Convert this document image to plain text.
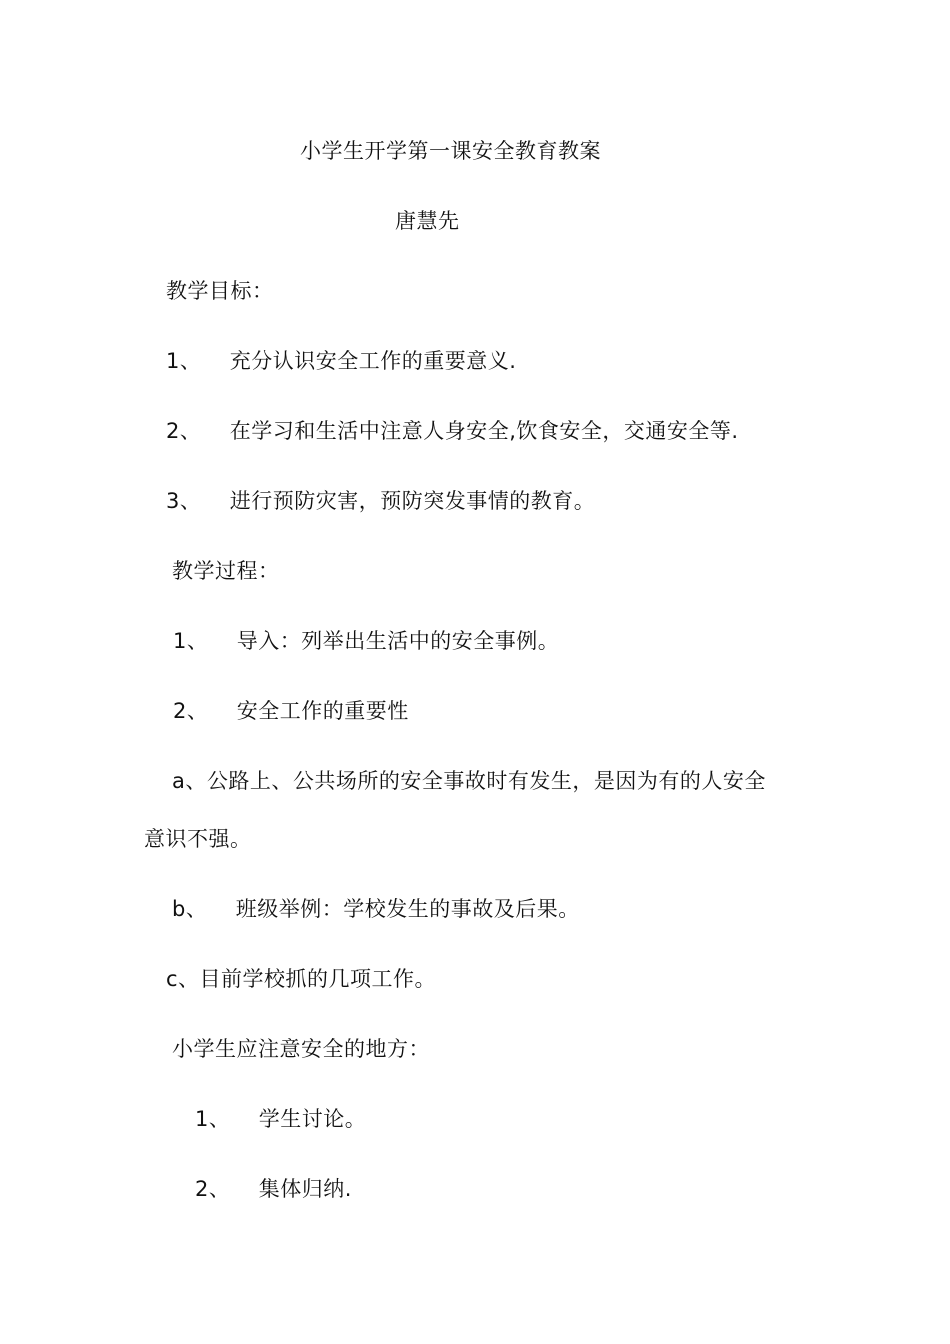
小学生开学第一课安全教育教案
唐慧先
教学目标：
1、 充分认识安全工作的重要意义.
2、 在学习和生活中注意人身安全,饮食安全，交通安全等.
3、 进行预防灾害，预防突发事情的教育。
教学过程：
1、 导入：列举出生活中的安全事例。
2、 安全工作的重要性
a、公路上、公共场所的安全事故时有发生，是因为有的人安全
意识不强。
b、 班级举例：学校发生的事故及后果。
c、目前学校抓的几项工作。
小学生应注意安全的地方：
1、 学生讨论。
2、 集体归纳.
